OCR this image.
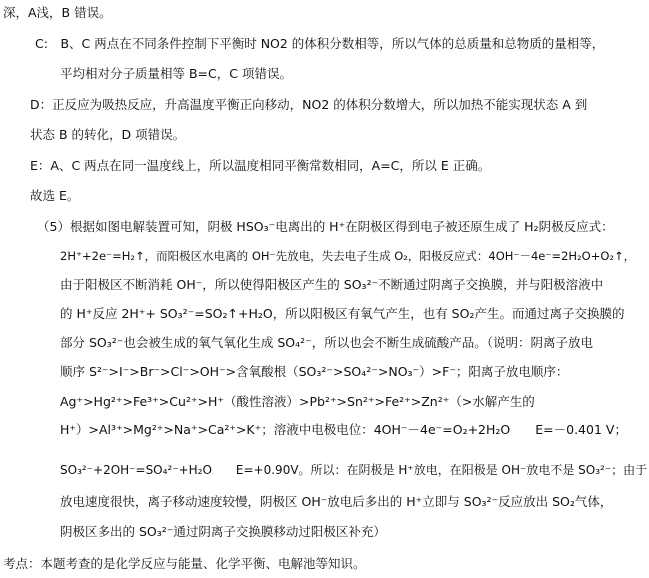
深，A浅，B 错误。
C:　B、C 两点在不同条件控制下平衡时 NO2 的体积分数相等，所以气体的总质量和总物质的量相等，
平均相对分子质量相等 B=C，C 项错误。
D：正反应为吸热反应，升高温度平衡正向移动，NO2 的体积分数增大，所以加热不能实现状态 A 到
状态 B 的转化，D 项错误。
E：A、C 两点在同一温度线上，所以温度相同平衡常数相同，A=C，所以 E 正确。
故选 E。
（5）根据如图电解装置可知，阴极 HSO₃⁻电离出的 H⁺在阴极区得到电子被还原生成了 H₂阴极反应式：
2H⁺+2e⁻=H₂↑，而阳极区水电离的 OH⁻先放电，失去电子生成 O₂，阳极反应式：4OH⁻－4e⁻=2H₂O+O₂↑，
由于阳极区不断消耗 OH⁻，所以使得阳极区产生的 SO₃²⁻不断通过阴离子交换膜，并与阳极溶液中
的 H⁺反应 2H⁺+ SO₃²⁻=SO₂↑+H₂O，所以阳极区有氧气产生，也有 SO₂产生。而通过离子交换膜的
部分 SO₃²⁻也会被生成的氧气氧化生成 SO₄²⁻，所以也会不断生成硫酸产品。（说明：阴离子放电
顺序 S²⁻>I⁻>Br⁻>Cl⁻>OH⁻>含氧酸根（SO₃²⁻>SO₄²⁻>NO₃⁻）>F⁻；阳离子放电顺序：
Ag⁺>Hg²⁺>Fe³⁺>Cu²⁺>H⁺（酸性溶液）>Pb²⁺>Sn²⁺>Fe²⁺>Zn²⁺（>水解产生的
H⁺）>Al³⁺>Mg²⁺>Na⁺>Ca²⁺>K⁺；溶液中电极电位：4OH⁻－4e⁻=O₂+2H₂O　　E=－0.401 V；
SO₃²⁻+2OH⁻=SO₄²⁻+H₂O　　E=+0.90V。所以：在阴极是 H⁺放电，在阳极是 OH⁻放电不是 SO₃²⁻；由于
放电速度很快，离子移动速度较慢，阴极区 OH⁻放电后多出的 H⁺立即与 SO₃²⁻反应放出 SO₂气体，
阴极区多出的 SO₃²⁻通过阴离子交换膜移动过阳极区补充）
考点：本题考查的是化学反应与能量、化学平衡、电解池等知识。
